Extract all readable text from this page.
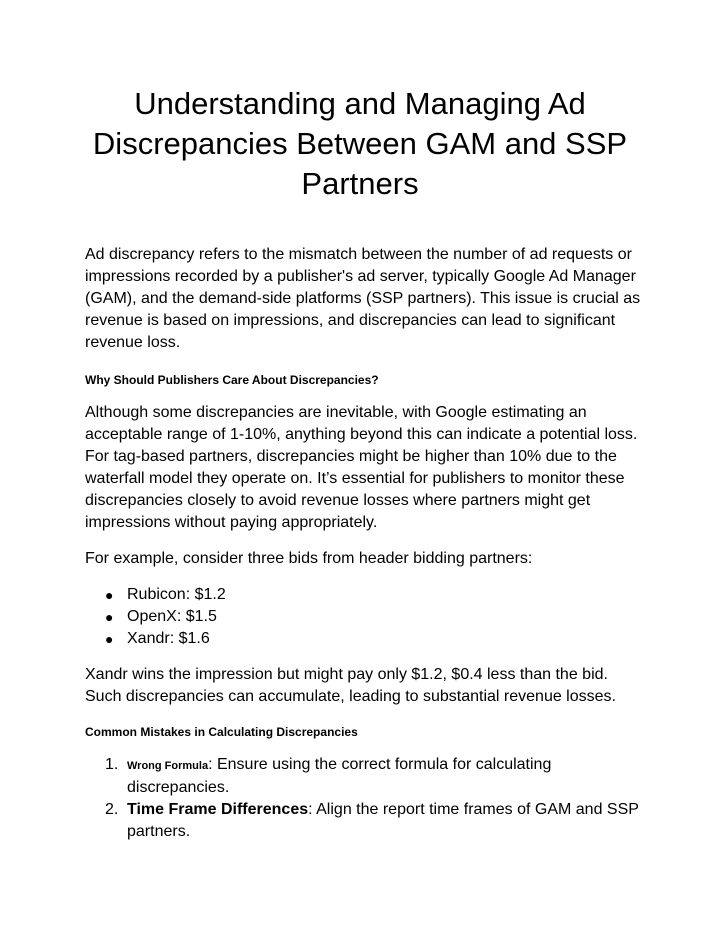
Understanding and Managing Ad Discrepancies Between GAM and SSP Partners

Ad discrepancy refers to the mismatch between the number of ad requests or impressions recorded by a publisher's ad server, typically Google Ad Manager (GAM), and the demand-side platforms (SSP partners). This issue is crucial as revenue is based on impressions, and discrepancies can lead to significant revenue loss.

Why Should Publishers Care About Discrepancies?

Although some discrepancies are inevitable, with Google estimating an acceptable range of 1-10%, anything beyond this can indicate a potential loss. For tag-based partners, discrepancies might be higher than 10% due to the waterfall model they operate on. It’s essential for publishers to monitor these discrepancies closely to avoid revenue losses where partners might get impressions without paying appropriately.

For example, consider three bids from header bidding partners:

● Rubicon: $1.2
● OpenX: $1.5
● Xandr: $1.6

Xandr wins the impression but might pay only $1.2, $0.4 less than the bid. Such discrepancies can accumulate, leading to substantial revenue losses.

Common Mistakes in Calculating Discrepancies
1. Wrong Formula: Ensure using the correct formula for calculating discrepancies.
2. Time Frame Differences: Align the report time frames of GAM and SSP partners.
